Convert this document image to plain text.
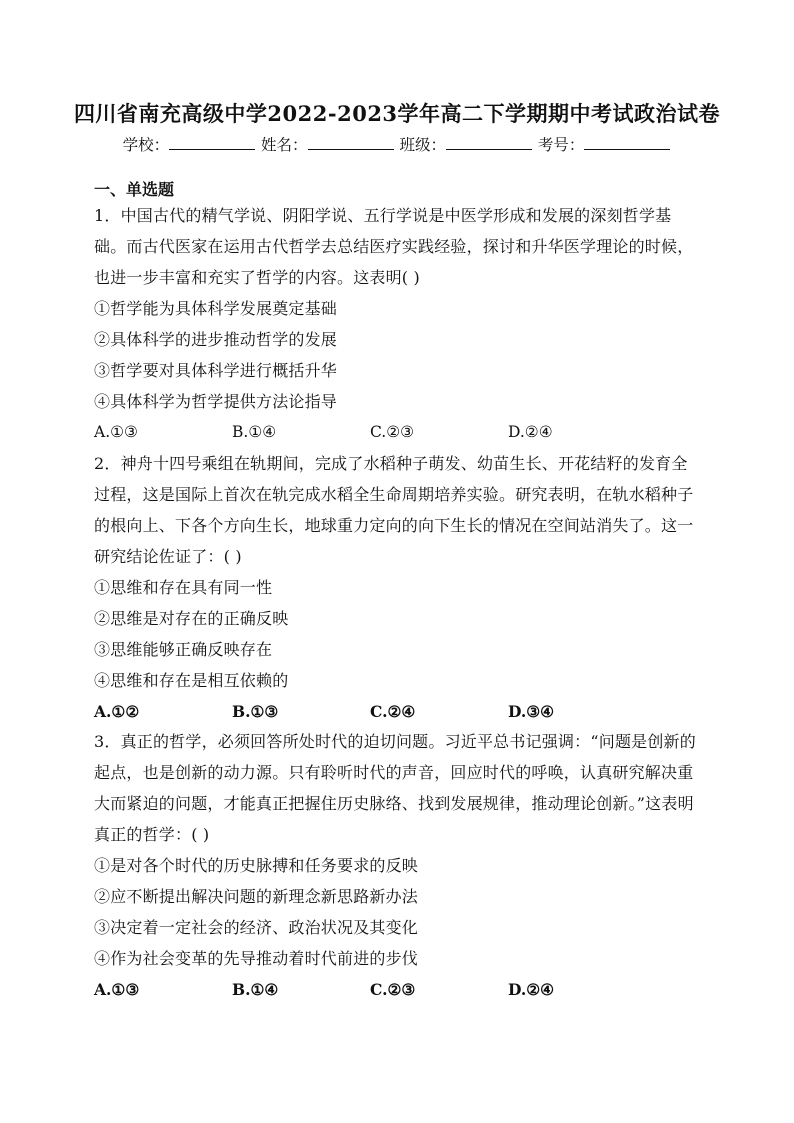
四川省南充高级中学2022-2023学年高二下学期期中考试政治试卷
学校：	姓名：	班级：	考号：
一、单选题
1．中国古代的精气学说、阴阳学说、五行学说是中医学形成和发展的深刻哲学基础。而古代医家在运用古代哲学去总结医疗实践经验，探讨和升华医学理论的时候，也进一步丰富和充实了哲学的内容。这表明( )
①哲学能为具体科学发展奠定基础
②具体科学的进步推动哲学的发展
③哲学要对具体科学进行概括升华
④具体科学为哲学提供方法论指导
A.①③	B.①④	C.②③	D.②④
2．神舟十四号乘组在轨期间，完成了水稻种子萌发、幼苗生长、开花结籽的发育全过程，这是国际上首次在轨完成水稻全生命周期培养实验。研究表明，在轨水稻种子的根向上、下各个方向生长，地球重力定向的向下生长的情况在空间站消失了。这一研究结论佐证了：( )
①思维和存在具有同一性
②思维是对存在的正确反映
③思维能够正确反映存在
④思维和存在是相互依赖的
A.①②	B.①③	C.②④	D.③④
3．真正的哲学，必须回答所处时代的迫切问题。习近平总书记强调：“问题是创新的起点，也是创新的动力源。只有聆听时代的声音，回应时代的呼唤，认真研究解决重大而紧迫的问题，才能真正把握住历史脉络、找到发展规律，推动理论创新。”这表明真正的哲学：( )
①是对各个时代的历史脉搏和任务要求的反映
②应不断提出解决问题的新理念新思路新办法
③决定着一定社会的经济、政治状况及其变化
④作为社会变革的先导推动着时代前进的步伐
A.①③	B.①④	C.②③	D.②④
